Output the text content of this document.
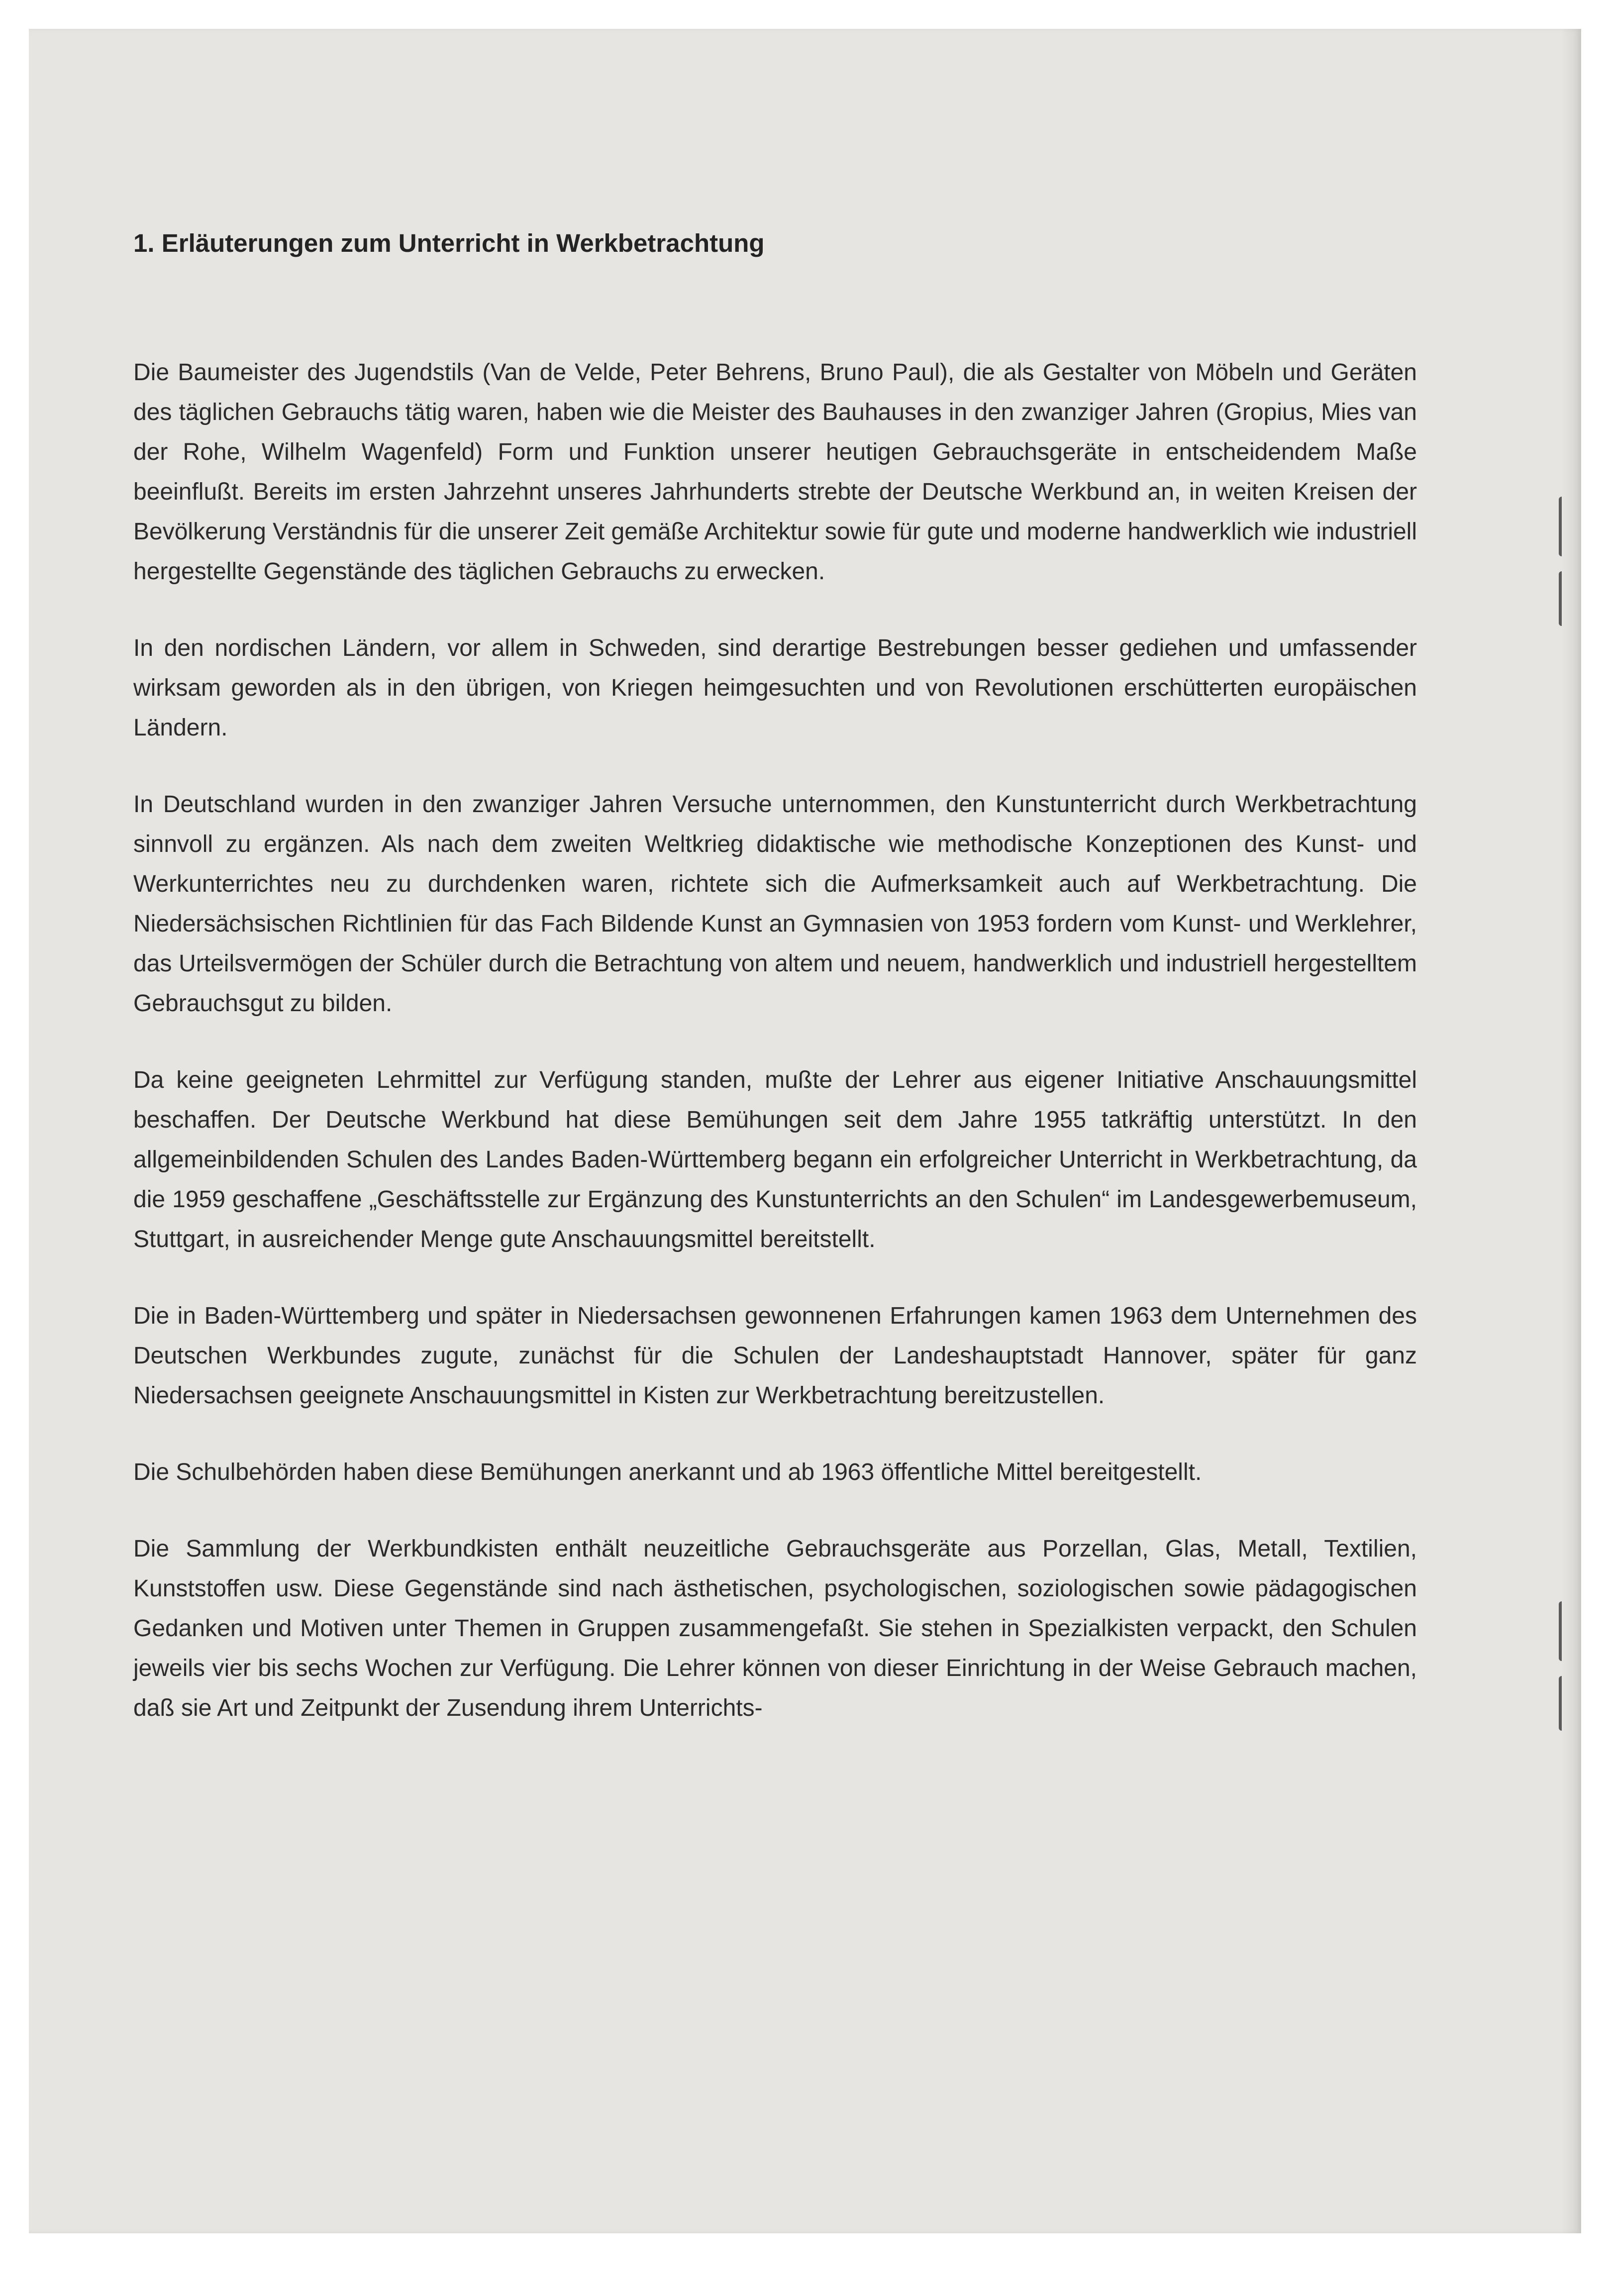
1. Erläuterungen zum Unterricht in Werkbetrachtung

Die Baumeister des Jugendstils (Van de Velde, Peter Behrens, Bruno Paul), die als Gestalter von Möbeln und Geräten des täglichen Gebrauchs tätig waren, haben wie die Meister des Bauhauses in den zwanziger Jahren (Gropius, Mies van der Rohe, Wilhelm Wagenfeld) Form und Funktion unserer heutigen Gebrauchsgeräte in entscheidendem Maße beeinflußt. Bereits im ersten Jahrzehnt unseres Jahrhunderts strebte der Deutsche Werkbund an, in weiten Kreisen der Bevölkerung Verständnis für die unserer Zeit gemäße Architektur sowie für gute und moderne handwerklich wie industriell hergestellte Gegenstände des täglichen Gebrauchs zu erwecken.

In den nordischen Ländern, vor allem in Schweden, sind derartige Bestrebungen besser gediehen und umfassender wirksam geworden als in den übrigen, von Kriegen heimgesuchten und von Revolutionen erschütterten europäischen Ländern.

In Deutschland wurden in den zwanziger Jahren Versuche unternommen, den Kunstunterricht durch Werkbetrachtung sinnvoll zu ergänzen. Als nach dem zweiten Weltkrieg didaktische wie methodische Konzeptionen des Kunst- und Werkunterrichtes neu zu durchdenken waren, richtete sich die Aufmerksamkeit auch auf Werkbetrachtung. Die Niedersächsischen Richtlinien für das Fach Bildende Kunst an Gymnasien von 1953 fordern vom Kunst- und Werklehrer, das Urteilsvermögen der Schüler durch die Betrachtung von altem und neuem, handwerklich und industriell hergestelltem Gebrauchsgut zu bilden.

Da keine geeigneten Lehrmittel zur Verfügung standen, mußte der Lehrer aus eigener Initiative Anschauungsmittel beschaffen. Der Deutsche Werkbund hat diese Bemühungen seit dem Jahre 1955 tatkräftig unterstützt. In den allgemeinbildenden Schulen des Landes Baden-Württemberg begann ein erfolgreicher Unterricht in Werkbetrachtung, da die 1959 geschaffene „Geschäftsstelle zur Ergänzung des Kunstunterrichts an den Schulen“ im Landesgewerbemuseum, Stuttgart, in ausreichender Menge gute Anschauungsmittel bereitstellt.

Die in Baden-Württemberg und später in Niedersachsen gewonnenen Erfahrungen kamen 1963 dem Unternehmen des Deutschen Werkbundes zugute, zunächst für die Schulen der Landeshauptstadt Hannover, später für ganz Niedersachsen geeignete Anschauungsmittel in Kisten zur Werkbetrachtung bereitzustellen.

Die Schulbehörden haben diese Bemühungen anerkannt und ab 1963 öffentliche Mittel bereitgestellt.

Die Sammlung der Werkbundkisten enthält neuzeitliche Gebrauchsgeräte aus Porzellan, Glas, Metall, Textilien, Kunststoffen usw. Diese Gegenstände sind nach ästhetischen, psychologischen, soziologischen sowie pädagogischen Gedanken und Motiven unter Themen in Gruppen zusammengefaßt. Sie stehen in Spezialkisten verpackt, den Schulen jeweils vier bis sechs Wochen zur Verfügung. Die Lehrer können von dieser Einrichtung in der Weise Gebrauch machen, daß sie Art und Zeitpunkt der Zusendung ihrem Unterrichts-
